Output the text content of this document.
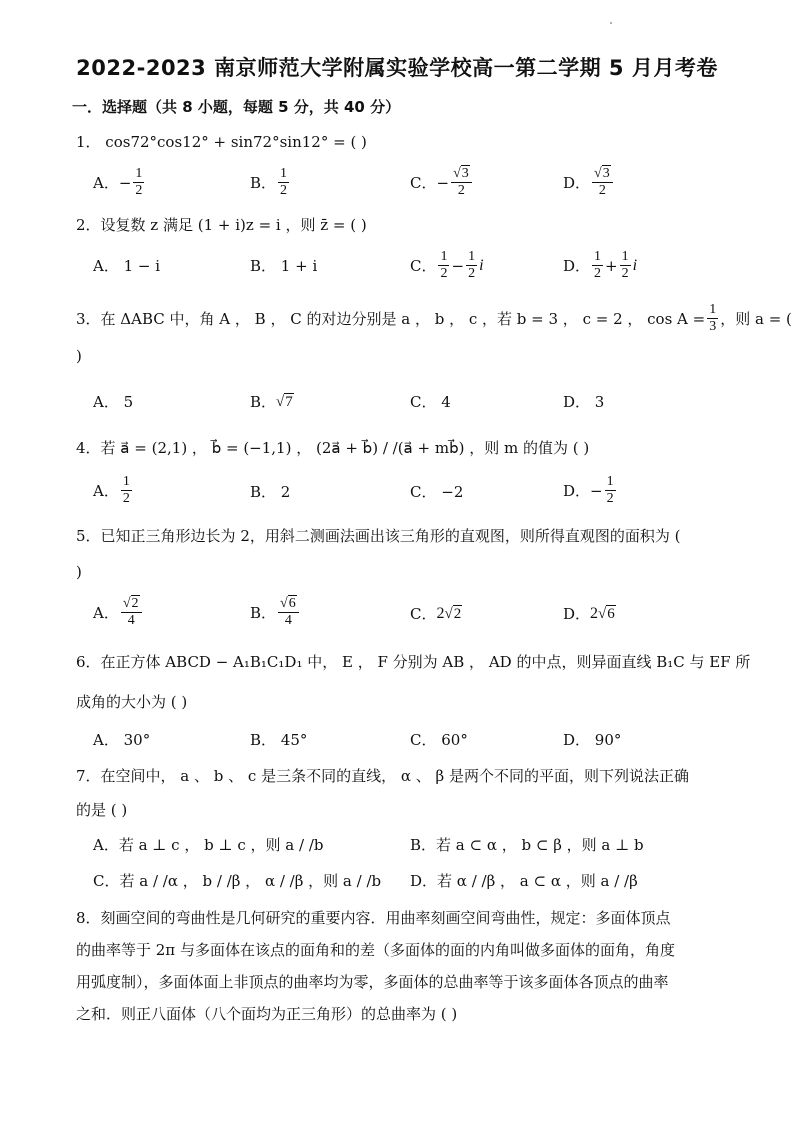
2022-2023 南京师范大学附属实验学校高一第二学期 5 月月考卷
一．选择题（共 8 小题，每题 5 分，共 40 分）
1． cos72°cos12° + sin72°sin12° = ( )
A． − $\frac{1}{2}$	B． $\frac{1}{2}$	C． − $\frac{√3}{2}$	D． $\frac{√3}{2}$
2．设复数 z 满足 (1 + i)z = i ，则 z̄ = ( )
A． 1 − i	B． 1 + i	C． $\frac{1}{2} - \frac{1}{2}$ i	D． $\frac{1}{2} + \frac{1}{2}$ i
3．在 ΔABC 中，角 A ， B ， C 的对边分别是 a ， b ， c ，若 b = 3 ， c = 2 ， $\cos A = \frac{1}{3}$ ，则 a = (
)
A． 5	B． √7	C． 4	D． 3
4．若 a⃗ = (2,1) ， b⃗ = (−1,1) ， (2a⃗ + b⃗) / /(a⃗ + mb⃗) ，则 m 的值为 ( )
A． $\frac{1}{2}$	B． 2	C． −2	D． − $\frac{1}{2}$
5．已知正三角形边长为 2，用斜二测画法画出该三角形的直观图，则所得直观图的面积为 (
)
A． $\frac{√2}{4}$	B． $\frac{√6}{4}$	C． 2 √2	D． 2 √6
6．在正方体 ABCD − A₁B₁C₁D₁ 中， E ， F 分别为 AB ， AD 的中点，则异面直线 B₁C 与 EF 所
成角的大小为 ( )
A． 30°	B． 45°	C． 60°	D． 90°
7．在空间中， a 、 b 、 c 是三条不同的直线， α 、 β 是两个不同的平面，则下列说法正确
的是 ( )
A．若 a ⊥ c ， b ⊥ c ，则 a / /b	B．若 a ⊂ α ， b ⊂ β ，则 a ⊥ b
C．若 a / /α ， b / /β ， α / /β ，则 a / /b D．若 α / /β ， a ⊂ α ，则 a / /β
8．刻画空间的弯曲性是几何研究的重要内容．用曲率刻画空间弯曲性，规定：多面体顶点
的曲率等于 2π 与多面体在该点的面角和的差（多面体的面的内角叫做多面体的面角，角度
用弧度制），多面体面上非顶点的曲率均为零，多面体的总曲率等于该多面体各顶点的曲率
之和．则正八面体（八个面均为正三角形）的总曲率为 ( )
